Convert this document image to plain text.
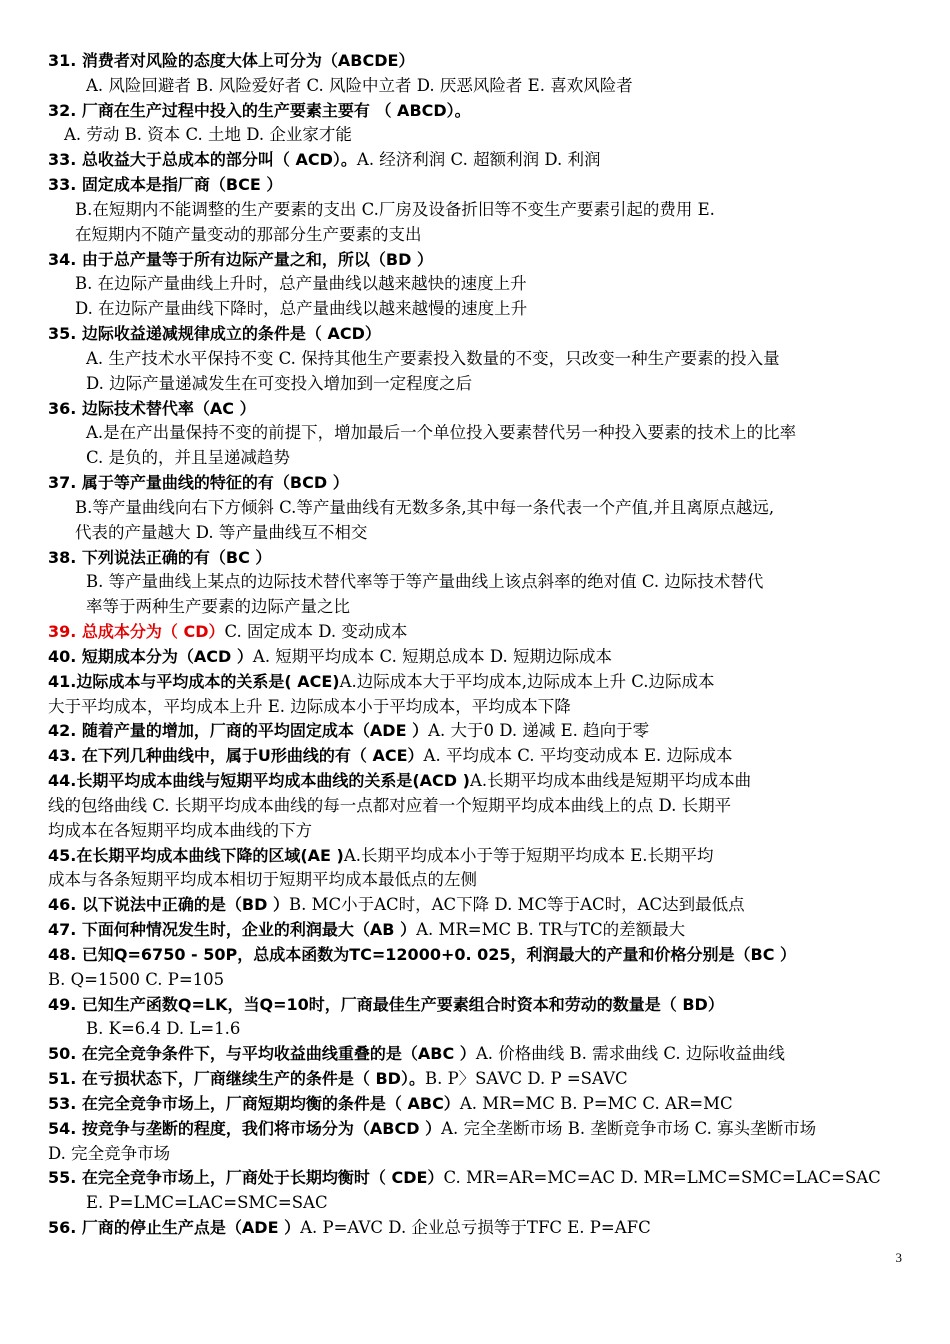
31. 消费者对风险的态度大体上可分为（ABCDE）
A. 风险回避者 B. 风险爱好者 C. 风险中立者 D. 厌恶风险者 E. 喜欢风险者
32. 厂商在生产过程中投入的生产要素主要有 （ ABCD）。
A. 劳动 B. 资本 C. 土地 D. 企业家才能
33. 总收益大于总成本的部分叫（ ACD）。A. 经济利润 C. 超额利润 D. 利润
33. 固定成本是指厂商（BCE ）
B.在短期内不能调整的生产要素的支出 C.厂房及设备折旧等不变生产要素引起的费用 E.
在短期内不随产量变动的那部分生产要素的支出
34. 由于总产量等于所有边际产量之和，所以（BD ）
B. 在边际产量曲线上升时，总产量曲线以越来越快的速度上升
D. 在边际产量曲线下降时，总产量曲线以越来越慢的速度上升
35. 边际收益递减规律成立的条件是（ ACD）
A. 生产技术水平保持不变 C. 保持其他生产要素投入数量的不变，只改变一种生产要素的投入量
D. 边际产量递减发生在可变投入增加到一定程度之后
36. 边际技术替代率（AC ）
A.是在产出量保持不变的前提下，增加最后一个单位投入要素替代另一种投入要素的技术上的比率
C. 是负的，并且呈递减趋势
37. 属于等产量曲线的特征的有（BCD ）
B.等产量曲线向右下方倾斜 C.等产量曲线有无数多条,其中每一条代表一个产值,并且离原点越远,
代表的产量越大 D. 等产量曲线互不相交
38. 下列说法正确的有（BC ）
B. 等产量曲线上某点的边际技术替代率等于等产量曲线上该点斜率的绝对值 C. 边际技术替代
率等于两种生产要素的边际产量之比
39. 总成本分为（ CD）C. 固定成本 D. 变动成本
40. 短期成本分为（ACD ）A. 短期平均成本 C. 短期总成本 D. 短期边际成本
41.边际成本与平均成本的关系是( ACE)A.边际成本大于平均成本,边际成本上升 C.边际成本
大于平均成本，平均成本上升 E. 边际成本小于平均成本，平均成本下降
42. 随着产量的增加，厂商的平均固定成本（ADE ）A. 大于0 D. 递减 E. 趋向于零
43. 在下列几种曲线中，属于U形曲线的有（ ACE）A. 平均成本 C. 平均变动成本 E. 边际成本
44.长期平均成本曲线与短期平均成本曲线的关系是(ACD )A.长期平均成本曲线是短期平均成本曲
线的包络曲线 C. 长期平均成本曲线的每一点都对应着一个短期平均成本曲线上的点 D. 长期平
均成本在各短期平均成本曲线的下方
45.在长期平均成本曲线下降的区域(AE )A.长期平均成本小于等于短期平均成本 E.长期平均
成本与各条短期平均成本相切于短期平均成本最低点的左侧
46. 以下说法中正确的是（BD ）B. MC小于AC时，AC下降 D. MC等于AC时，AC达到最低点
47. 下面何种情况发生时，企业的利润最大（AB ）A. MR=MC B. TR与TC的差额最大
48. 已知Q=6750 - 50P，总成本函数为TC=12000+0. 025，利润最大的产量和价格分别是（BC ）
B. Q=1500 C. P=105
49. 已知生产函数Q=LK，当Q=10时，厂商最佳生产要素组合时资本和劳动的数量是（ BD）
B. K=6.4 D. L=1.6
50. 在完全竞争条件下，与平均收益曲线重叠的是（ABC ）A. 价格曲线 B. 需求曲线 C. 边际收益曲线
51. 在亏损状态下，厂商继续生产的条件是（ BD）。B. P〉SAVC D. P =SAVC
53. 在完全竞争市场上，厂商短期均衡的条件是（ ABC）A. MR=MC B. P=MC C. AR=MC
54. 按竞争与垄断的程度，我们将市场分为（ABCD ）A. 完全垄断市场 B. 垄断竞争市场 C. 寡头垄断市场
D. 完全竞争市场
55. 在完全竞争市场上，厂商处于长期均衡时（ CDE）C. MR=AR=MC=AC D. MR=LMC=SMC=LAC=SAC
E. P=LMC=LAC=SMC=SAC
56. 厂商的停止生产点是（ADE ）A. P=AVC D. 企业总亏损等于TFC E. P=AFC
3
